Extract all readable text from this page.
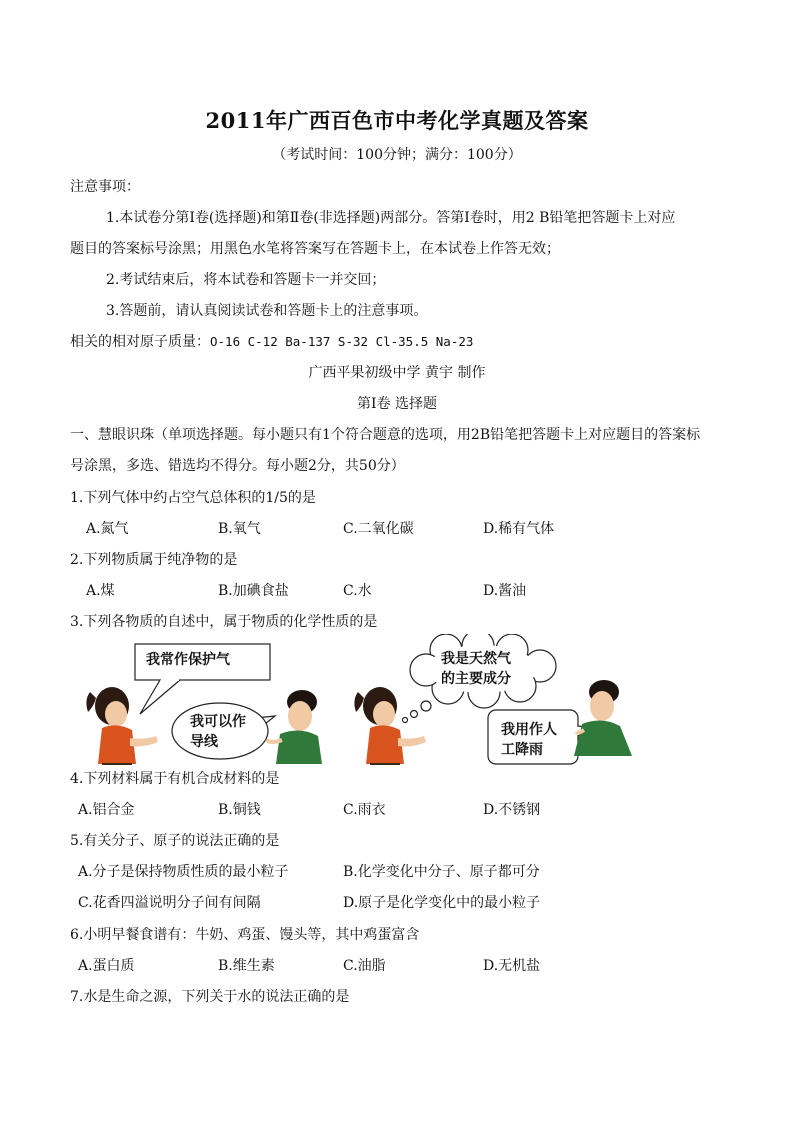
2011年广西百色市中考化学真题及答案
（考试时间：100分钟；满分：100分）
注意事项：
1.本试卷分第Ⅰ卷(选择题)和第Ⅱ卷(非选择题)两部分。答第Ⅰ卷时，用2 B铅笔把答题卡上对应
题目的答案标号涂黑；用黑色水笔将答案写在答题卡上，在本试卷上作答无效；
2.考试结束后，将本试卷和答题卡一并交回；
3.答题前，请认真阅读试卷和答题卡上的注意事项。
相关的相对原子质量：O-16 C-12 Ba-137 S-32 Cl-35.5 Na-23
广西平果初级中学 黄宇 制作
第Ⅰ卷 选择题
一、慧眼识珠（单项选择题。每小题只有1个符合题意的选项，用2B铅笔把答题卡上对应题目的答案标
号涂黑，多选、错选均不得分。每小题2分，共50分）
1.下列气体中约占空气总体积的1/5的是
A.氮气	B.氧气	C.二氧化碳	D.稀有气体
2.下列物质属于纯净物的是
A.煤	B.加碘食盐	C.水	D.酱油
3.下列各物质的自述中，属于物质的化学性质的是
我常作保护气
我可以作
导线
我是天然气
的主要成分
我用作人
工降雨
4.下列材料属于有机合成材料的是
A.铝合金	B.铜钱	C.雨衣	D.不锈钢
5.有关分子、原子的说法正确的是
A.分子是保持物质性质的最小粒子	B.化学变化中分子、原子都可分
C.花香四溢说明分子间有间隔	D.原子是化学变化中的最小粒子
6.小明早餐食谱有：牛奶、鸡蛋、馒头等，其中鸡蛋富含
A.蛋白质	B.维生素	C.油脂	D.无机盐
7.水是生命之源，下列关于水的说法正确的是
